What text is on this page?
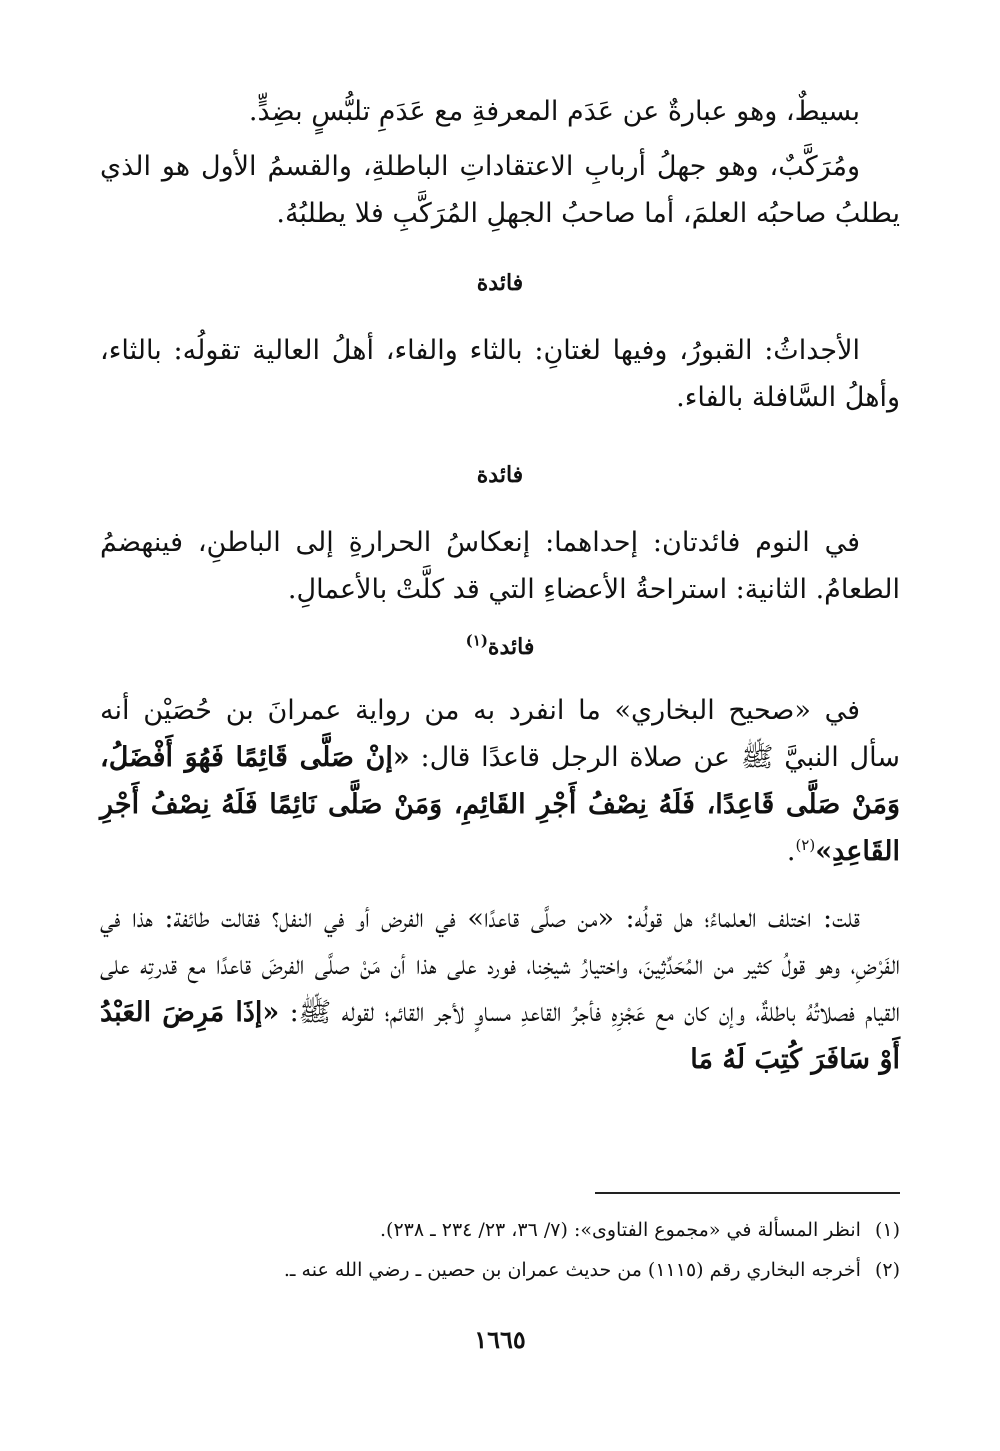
بسيطٌ، وهو عبارةٌ عن عَدَم المعرفةِ مع عَدَمِ تلبُّسٍ بضِدٍّ.

ومُرَكَّبٌ، وهو جهلُ أربابِ الاعتقاداتِ الباطلةِ، والقسمُ الأول هو الذي يطلبُ صاحبُه العلمَ، أما صاحبُ الجهلِ المُرَكَّبِ فلا يطلبُهُ.

فائدة

الأجداثُ: القبورُ، وفيها لغتانِ: بالثاء والفاء، أهلُ العالية تقولُه: بالثاء، وأهلُ السَّافلة بالفاء.

فائدة

في النوم فائدتان: إحداهما: إنعكاسُ الحرارةِ إلى الباطنِ، فينهضمُ الطعامُ. الثانية: استراحةُ الأعضاءِ التي قد كلَّتْ بالأعمالِ.

فائدة$^{(١)}$

في «صحيح البخاري» ما انفرد به من رواية عمرانَ بن حُصَيْن أنه سأل النبيَّ ﷺ عن صلاة الرجل قاعدًا قال: «إنْ صَلَّى قَائِمًا فَهُوَ أَفْضَلُ، وَمَنْ صَلَّى قَاعِدًا، فَلَهُ نِصْفُ أَجْرِ القَائِمِ، وَمَنْ صَلَّى نَائِمًا فَلَهُ نِصْفُ أَجْرِ القَاعِدِ»$^{(٢)}$.

قلت: اختلف العلماءُ؛ هل قولُه: «من صلَّى قاعدًا» في الفرض أو في النفل؟ فقالت طائفة: هذا في الفَرْضِ، وهو قولُ كثير من المُحَدِّثِينَ، واختيارُ شيخِنا، فورد على هذا أن مَنْ صلَّى الفرضَ قاعدًا مع قدرتِه على القيام فصلاتُهُ باطلةٌ، وإن كان مع عَجْزِهِ فأجرُ القاعدِ مساوٍ لأجر القائم؛ لقوله ﷺ: «إذَا مَرِضَ العَبْدُ أَوْ سَافَرَ كُتِبَ لَهُ مَا

(١)انظر المسألة في «مجموع الفتاوى»: (٧/ ٣٦، ٢٣/ ٢٣٤ ـ ٢٣٨).

(٢)أخرجه البخاري رقم (١١١٥) من حديث عمران بن حصين ـ رضي الله عنه ـ.

١٦٦٥
